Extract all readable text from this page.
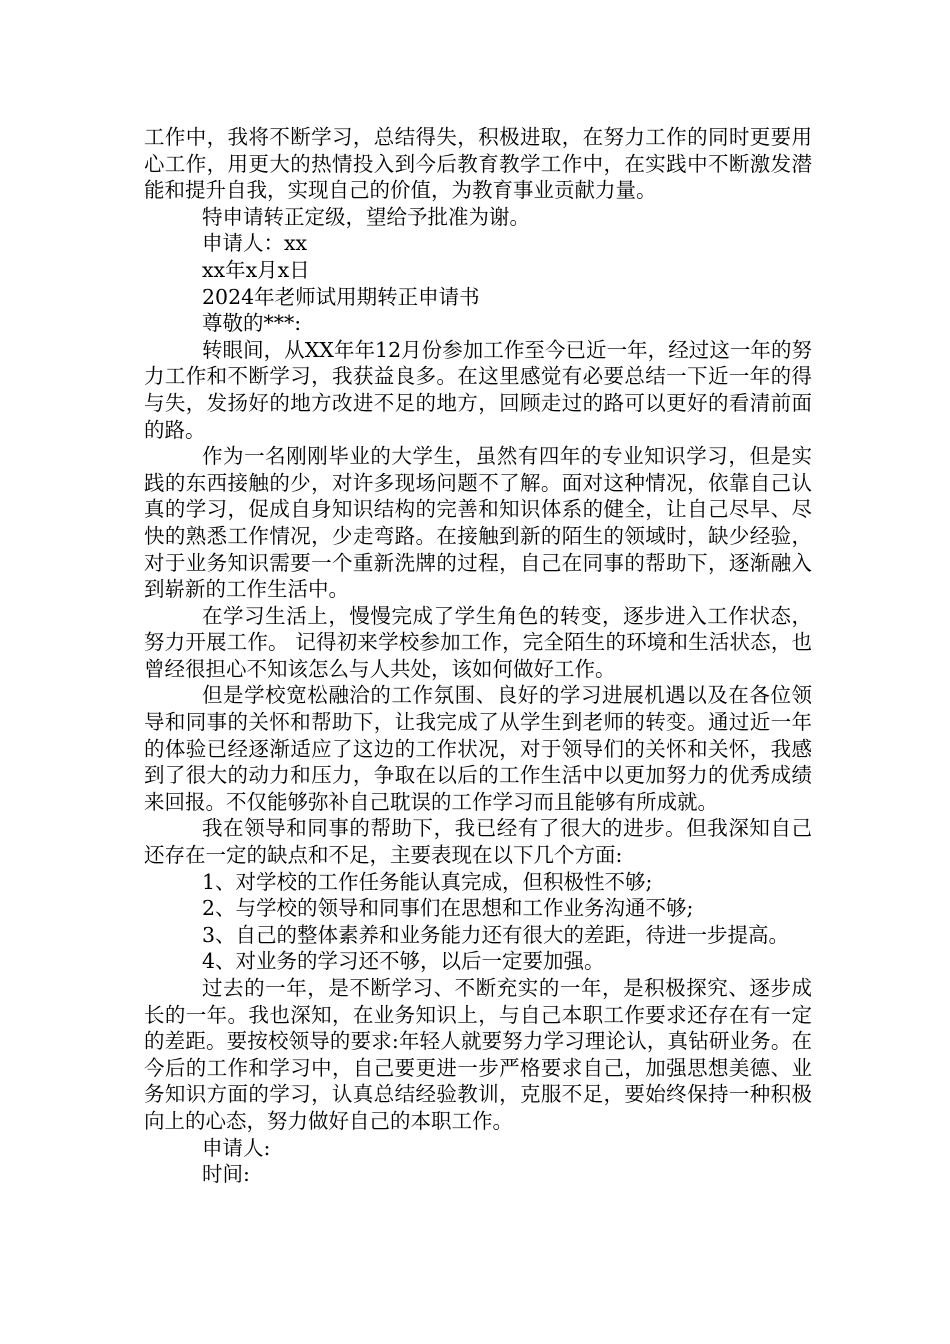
工作中，我将不断学习，总结得失，积极进取，在努力工作的同时更要用心工作，用更大的热情投入到今后教育教学工作中，在实践中不断激发潜能和提升自我，实现自己的价值，为教育事业贡献力量。

特申请转正定级，望给予批准为谢。

申请人：xx

xx年x月x日

2024年老师试用期转正申请书

尊敬的***:

转眼间，从XX年年12月份参加工作至今已近一年，经过这一年的努力工作和不断学习，我获益良多。在这里感觉有必要总结一下近一年的得与失，发扬好的地方改进不足的地方，回顾走过的路可以更好的看清前面的路。

作为一名刚刚毕业的大学生，虽然有四年的专业知识学习，但是实践的东西接触的少，对许多现场问题不了解。面对这种情况，依靠自己认真的学习，促成自身知识结构的完善和知识体系的健全，让自己尽早、尽快的熟悉工作情况，少走弯路。在接触到新的陌生的领域时，缺少经验，对于业务知识需要一个重新洗牌的过程，自己在同事的帮助下，逐渐融入到崭新的工作生活中。

在学习生活上，慢慢完成了学生角色的转变，逐步进入工作状态，努力开展工作。 记得初来学校参加工作，完全陌生的环境和生活状态，也曾经很担心不知该怎么与人共处，该如何做好工作。

但是学校宽松融洽的工作氛围、良好的学习进展机遇以及在各位领导和同事的关怀和帮助下，让我完成了从学生到老师的转变。通过近一年的体验已经逐渐适应了这边的工作状况，对于领导们的关怀和关怀，我感到了很大的动力和压力，争取在以后的工作生活中以更加努力的优秀成绩来回报。不仅能够弥补自己耽误的工作学习而且能够有所成就。

我在领导和同事的帮助下，我已经有了很大的进步。但我深知自己还存在一定的缺点和不足，主要表现在以下几个方面:

1、对学校的工作任务能认真完成，但积极性不够;

2、与学校的领导和同事们在思想和工作业务沟通不够;

3、自己的整体素养和业务能力还有很大的差距，待进一步提高。

4、对业务的学习还不够，以后一定要加强。

过去的一年，是不断学习、不断充实的一年，是积极探究、逐步成长的一年。我也深知，在业务知识上，与自己本职工作要求还存在有一定的差距。要按校领导的要求:年轻人就要努力学习理论认，真钻研业务。在今后的工作和学习中，自己要更进一步严格要求自己，加强思想美德、业务知识方面的学习，认真总结经验教训，克服不足，要始终保持一种积极向上的心态，努力做好自己的本职工作。

申请人:

时间:
